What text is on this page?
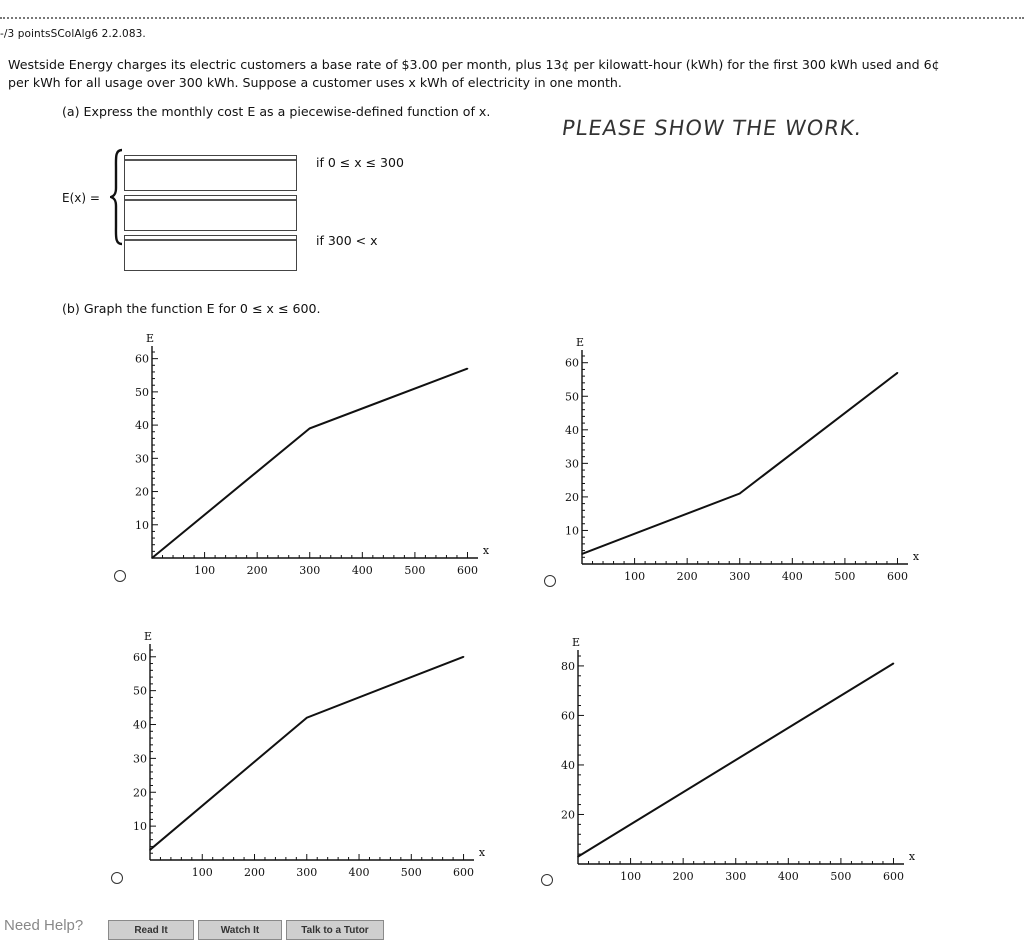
-/3 pointsSColAlg6 2.2.083.
Westside Energy charges its electric customers a base rate of $3.00 per month, plus 13¢ per kilowatt-hour (kWh) for the first 300 kWh used and 6¢
per kWh for all usage over 300 kWh. Suppose a customer uses x kWh of electricity in one month.
(a) Express the monthly cost E as a piecewise-defined function of x.
PLEASE SHOW THE WORK.
E(x) =
if 0 ≤ x ≤ 300
if 300 < x
(b) Graph the function E for 0 ≤ x ≤ 600.
100	200	300	400	500	600
10
20
30
40
50
60
E
x
100	200	300	400	500	600
10
20
30
40
50
60
E
x
100	200	300	400	500	600
10
20
30
40
50
60
E
x
100	200	300	400	500	600
20
40
60
80
E
x
Need Help?	Read It	Watch It	Talk to a Tutor
